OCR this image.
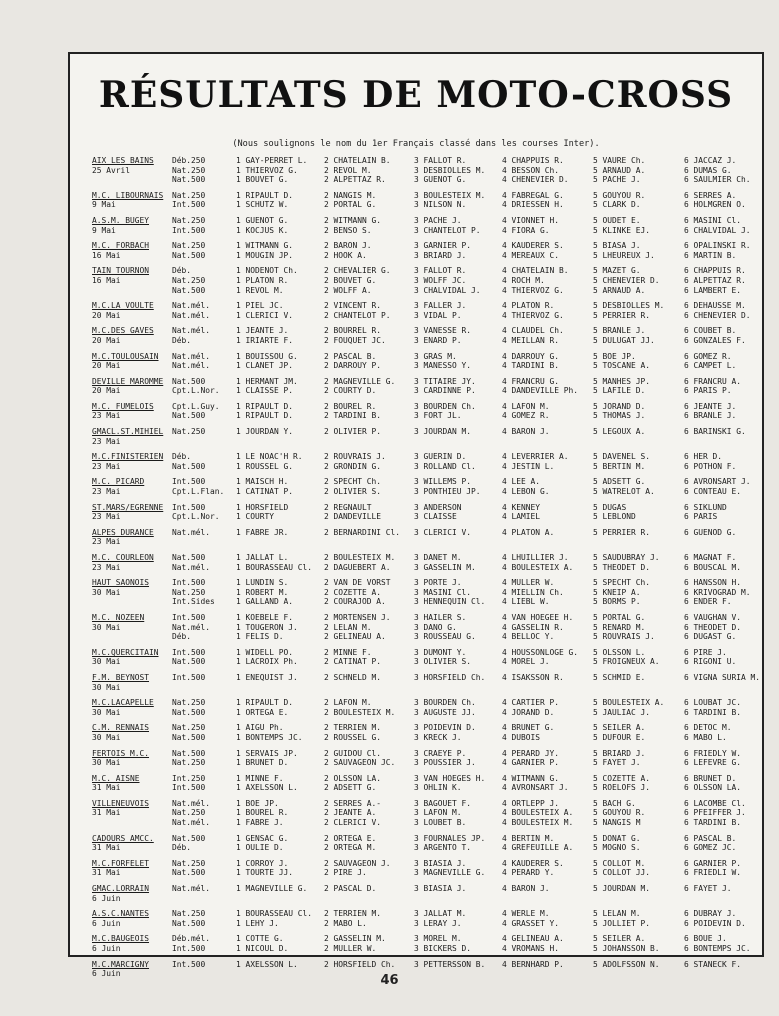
RÉSULTATS DE MOTO-CROSS
(Nous soulignons le nom du 1er Français classé dans les courses Inter).
AIX LES BAINS	Déb.250	1 GAY-PERRET L.	2 CHATELAIN B.	3 FALLOT R.	4 CHAPPUIS R.	5 VAURE Ch.	6 JACCAZ J.
25 Avril	Nat.250	1 THIERVOZ G.	2 REVOL M.	3 DESBIOLLES M.	4 BESSON Ch.	5 ARNAUD A.	6 DUMAS G.
Nat.500	1 BOUVET G.	2 ALPETTAZ R.	3 GUENOT G.	4 CHENEVIER D.	5 PACHE J.	6 SAULMIER Ch.
M.C. LIBOURNAIS	Nat.250	1 RIPAULT D.	2 NANGIS M.	3 BOULESTEIX M.	4 FABREGAL G.	5 GOUYOU R.	6 SERRES A.
9 Mai	Int.500	1 SCHUTZ W.	2 PORTAL G.	3 NILSON N.	4 DRIESSEN H.	5 CLARK D.	6 HOLMGREN O.
A.S.M. BUGEY	Nat.250	1 GUENOT G.	2 WITMANN G.	3 PACHE J.	4 VIONNET H.	5 OUDET E.	6 MASINI Cl.
9 Mai	Int.500	1 KOCJUS K.	2 BENSO S.	3 CHANTELOT P.	4 FIORA G.	5 KLINKE EJ.	6 CHALVIDAL J.
M.C. FORBACH	Nat.250	1 WITMANN G.	2 BARON J.	3 GARNIER P.	4 KAUDERER S.	5 BIASA J.	6 OPALINSKI R.
16 Mai	Nat.500	1 MOUGIN JP.	2 HOOK A.	3 BRIARD J.	4 MEREAUX C.	5 LHEUREUX J.	6 MARTIN B.
TAIN TOURNON	Déb.	1 NODENOT Ch.	2 CHEVALIER G.	3 FALLOT R.	4 CHATELAIN B.	5 MAZET G.	6 CHAPPUIS R.
16 Mai	Nat.250	1 PLATON R.	2 BOUVET G.	3 WOLFF JC.	4 ROCH M.	5 CHENEVIER D.	6 ALPETTAZ R.
Nat.500	1 REVOL M.	2 WOLFF A.	3 CHALVIDAL J.	4 THIERVOZ G.	5 ARNAUD A.	6 LAMBERT E.
M.C.LA VOULTE	Nat.mél.	1 PIEL JC.	2 VINCENT R.	3 FALLER J.	4 PLATON R.	5 DESBIOLLES M.	6 DEHAUSSE M.
20 Mai	Nat.mél.	1 CLERICI V.	2 CHANTELOT P.	3 VIDAL P.	4 THIERVOZ G.	5 PERRIER R.	6 CHENEVIER D.
M.C.DES GAVES	Nat.mél.	1 JEANTE J.	2 BOURREL R.	3 VANESSE R.	4 CLAUDEL Ch.	5 BRANLE J.	6 COUBET B.
20 Mai	Déb.	1 IRIARTE F.	2 FOUQUET JC.	3 ENARD P.	4 MEILLAN R.	5 DULUGAT JJ.	6 GONZALES F.
M.C.TOULOUSAIN	Nat.mél.	1 BOUISSOU G.	2 PASCAL B.	3 GRAS M.	4 DARROUY G.	5 BOE JP.	6 GOMEZ R.
20 Mai	Nat.mél.	1 CLANET JP.	2 DARROUY P.	3 MANESSO Y.	4 TARDINI B.	5 TOSCANE A.	6 CAMPET L.
DEVILLE MAROMME	Nat.500	1 HERMANT JM.	2 MAGNEVILLE G.	3 TITAIRE JY.	4 FRANCRU G.	5 MANHES JP.	6 FRANCRU A.
20 Mai	Cpt.L.Nor.	1 CLAISSE P.	2 COURTY D.	3 CARDINNE P.	4 DANDEVILLE Ph.	5 LAFILE D.	6 PARIS P.
M.C. FUMELOIS	Cpt.L.Guy.	1 RIPAULT D.	2 BOUREL R.	3 BOURDEN Ch.	4 LAFON M.	5 JORAND D.	6 JEANTE J.
23 Mai	Nat.500	1 RIPAULT D.	2 TARDINI B.	3 FORT JL.	4 GOMEZ R.	5 THOMAS J.	6 BRANLE J.
GMACL.ST.MIHIEL	Nat.250	1 JOURDAN Y.	2 OLIVIER P.	3 JOURDAN M.	4 BARON J.	5 LEGOUX A.	6 BARINSKI G.
23 Mai
M.C.FINISTERIEN	Déb.	1 LE NOAC'H R.	2 ROUVRAIS J.	3 GUERIN D.	4 LEVERRIER A.	5 DAVENEL S.	6 HER D.
23 Mai	Nat.500	1 ROUSSEL G.	2 GRONDIN G.	3 ROLLAND Cl.	4 JESTIN L.	5 BERTIN M.	6 POTHON F.
M.C. PICARD	Int.500	1 MAISCH H.	2 SPECHT Ch.	3 WILLEMS P.	4 LEE A.	5 ADSETT G.	6 AVRONSART J.
23 Mai	Cpt.L.Flan.	1 CATINAT P.	2 OLIVIER S.	3 PONTHIEU JP.	4 LEBON G.	5 WATRELOT A.	6 CONTEAU E.
ST.MARS/EGRENNE	Int.500	1 HORSFIELD	2 REGNAULT	3 ANDERSON	4 KENNEY	5 DUGAS	6 SIKLUND
23 Mai	Cpt.L.Nor.	1 COURTY	2 DANDEVILLE	3 CLAISSE	4 LAMIEL	5 LEBLOND	6 PARIS
ALPES DURANCE	Nat.mél.	1 FABRE JR.	2 BERNARDINI Cl.	3 CLERICI V.	4 PLATON A.	5 PERRIER R.	6 GUENOD G.
23 Mai
M.C. COURLEON	Nat.500	1 JALLAT L.	2 BOULESTEIX M.	3 DANET M.	4 LHUILLIER J.	5 SAUDUBRAY J.	6 MAGNAT F.
23 Mai	Nat.mél.	1 BOURASSEAU Cl.	2 DAGUEBERT A.	3 GASSELIN M.	4 BOULESTEIX A.	5 THEODET D.	6 BOUSCAL M.
HAUT SAONOIS	Int.500	1 LUNDIN S.	2 VAN DE VORST	3 PORTE J.	4 MULLER W.	5 SPECHT Ch.	6 HANSSON H.
30 Mai	Nat.250	1 ROBERT M.	2 COZETTE A.	3 MASINI Cl.	4 MIELLIN Ch.	5 KNEIP A.	6 KRIVOGRAD M.
Int.Sides	1 GALLAND A.	2 COURAJOD A.	3 HENNEQUIN Cl.	4 LIEBL W.	5 BORMS P.	6 ENDER F.
M.C. NOZEEN	Int.500	1 KOEBELE F.	2 MORTENSEN J.	3 HAILER S.	4 VAN HOEGEE H.	5 PORTAL G.	6 VAUGHAN V.
30 Mai	Nat.mél.	1 TOUGERON J.	2 LELAN M.	3 DANO G.	4 GASSELIN R.	5 RENARD M.	6 THEODET D.
Déb.	1 FELIS D.	2 GELINEAU A.	3 ROUSSEAU G.	4 BELLOC Y.	5 ROUVRAIS J.	6 DUGAST G.
M.C.QUERCITAIN	Int.500	1 WIDELL PO.	2 MINNE F.	3 DUMONT Y.	4 HOUSSONLOGE G.	5 OLSSON L.	6 PIRE J.
30 Mai	Nat.500	1 LACROIX Ph.	2 CATINAT P.	3 OLIVIER S.	4 MOREL J.	5 FROIGNEUX A.	6 RIGONI U.
F.M. BEYNOST	Int.500	1 ENEQUIST J.	2 SCHNELD M.	3 HORSFIELD Ch.	4 ISAKSSON R.	5 SCHMID E.	6 VIGNA SURIA M.
30 Mai
M.C.LACAPELLE	Nat.250	1 RIPAULT D.	2 LAFON M.	3 BOURDEN Ch.	4 CARTIER P.	5 BOULESTEIX A.	6 LOUBAT JC.
30 Mai	Nat.500	1 ORTEGA E.	2 BOULESTEIX M.	3 AUGUSTE JJ.	4 JORAND D.	5 JAULIAC J.	6 TARDINI B.
C.M. RENNAIS	Nat.250	1 AIGU Ph.	2 TERRIEN M.	3 POIDEVIN D.	4 BRUNET G.	5 SEILER A.	6 DETOC M.
30 Mai	Nat.500	1 BONTEMPS JC.	2 ROUSSEL G.	3 KRECK J.	4 DUBOIS	5 DUFOUR E.	6 MABO L.
FERTOIS M.C.	Nat.500	1 SERVAIS JP.	2 GUIDOU Cl.	3 CRAEYE P.	4 PERARD JY.	5 BRIARD J.	6 FRIEDLY W.
30 Mai	Nat.250	1 BRUNET D.	2 SAUVAGEON JC.	3 POUSSIER J.	4 GARNIER P.	5 FAYET J.	6 LEFEVRE G.
M.C. AISNE	Int.250	1 MINNE F.	2 OLSSON LA.	3 VAN HOEGES H.	4 WITMANN G.	5 COZETTE A.	6 BRUNET D.
31 Mai	Int.500	1 AXELSSON L.	2 ADSETT G.	3 OHLIN K.	4 AVRONSART J.	5 ROELOFS J.	6 OLSSON LA.
VILLENEUVOIS	Nat.mél.	1 BOE JP.	2 SERRES A.-	3 BAGOUET F.	4 ORTLEPP J.	5 BACH G.	6 LACOMBE Cl.
31 Mai	Nat.250	1 BOUREL R.	2 JEANTE A.	3 LAFON M.	4 BOULESTEIX A.	5 GOUYOU R.	6 PFEIFFER J.
Nat.mél.	1 FABRE J.	2 CLERICI V.	3 LOUBET B.	4 BOULESTEIX M.	5 NANGIS M	6 TARDINI B.
CADOURS AMCC.	Nat.500	1 GENSAC G.	2 ORTEGA E.	3 FOURNALES JP.	4 BERTIN M.	5 DONAT G.	6 PASCAL B.
31 Mai	Déb.	1 OULIE D.	2 ORTEGA M.	3 ARGENTO T.	4 GREFEUILLE A.	5 MOGNO S.	6 GOMEZ JC.
M.C.FORFELET	Nat.250	1 CORROY J.	2 SAUVAGEON J.	3 BIASIA J.	4 KAUDERER S.	5 COLLOT M.	6 GARNIER P.
31 Mai	Nat.500	1 TOURTE JJ.	2 PIRE J.	3 MAGNEVILLE G.	4 PERARD Y.	5 COLLOT JJ.	6 FRIEDLI W.
GMAC.LORRAIN	Nat.mél.	1 MAGNEVILLE G.	2 PASCAL D.	3 BIASIA J.	4 BARON J.	5 JOURDAN M.	6 FAYET J.
6 Juin
A.S.C.NANTES	Nat.250	1 BOURASSEAU Cl.	2 TERRIEN M.	3 JALLAT M.	4 WERLE M.	5 LELAN M.	6 DUBRAY J.
6 Juin	Nat.500	1 LEHY J.	2 MABO L.	3 LERAY J.	4 GRASSET Y.	5 JOLLIET P.	6 POIDEVIN D.
M.C.BAUGEOIS	Déb.mél.	1 COTTE G.	2 GASSELIN M.	3 MOREL M.	4 GELINEAU A.	5 SEILER A.	6 BOUE J.
6 Juin	Int.500	1 NICOUL D.	2 MULLER W.	3 BICKERS D.	4 VROMANS H.	5 JOHANSSON B.	6 BONTEMPS JC.
M.C.MARCIGNY	Int.500	1 AXELSSON L.	2 HORSFIELD Ch.	3 PETTERSSON B.	4 BERNHARD P.	5 ADOLFSSON N.	6 STANECK F.
6 Juin	46
